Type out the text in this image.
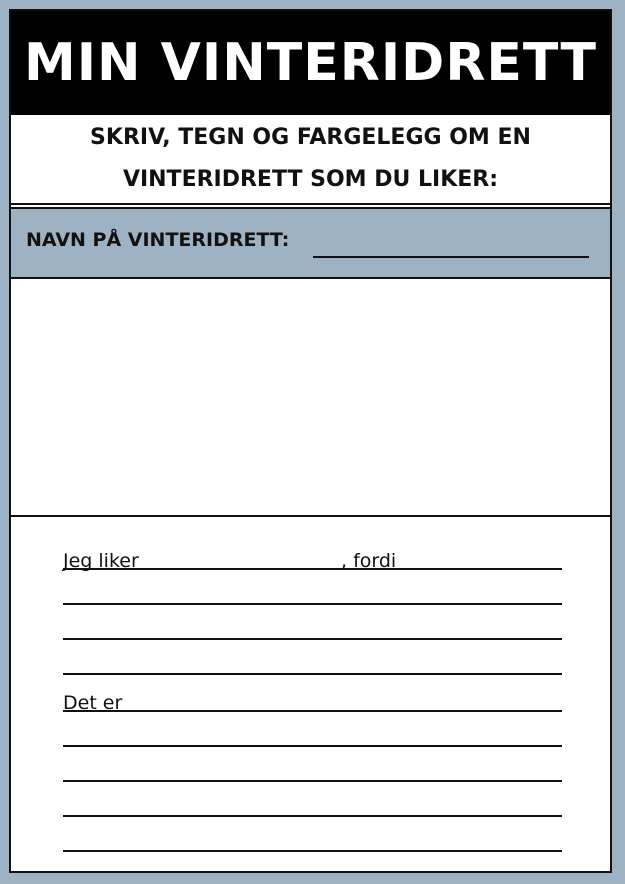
MIN VINTERIDRETT
SKRIV, TEGN OG FARGELEGG OM EN
VINTERIDRETT SOM DU LIKER:
NAVN PÅ VINTERIDRETT:
Jeg liker	, fordi
Det er
